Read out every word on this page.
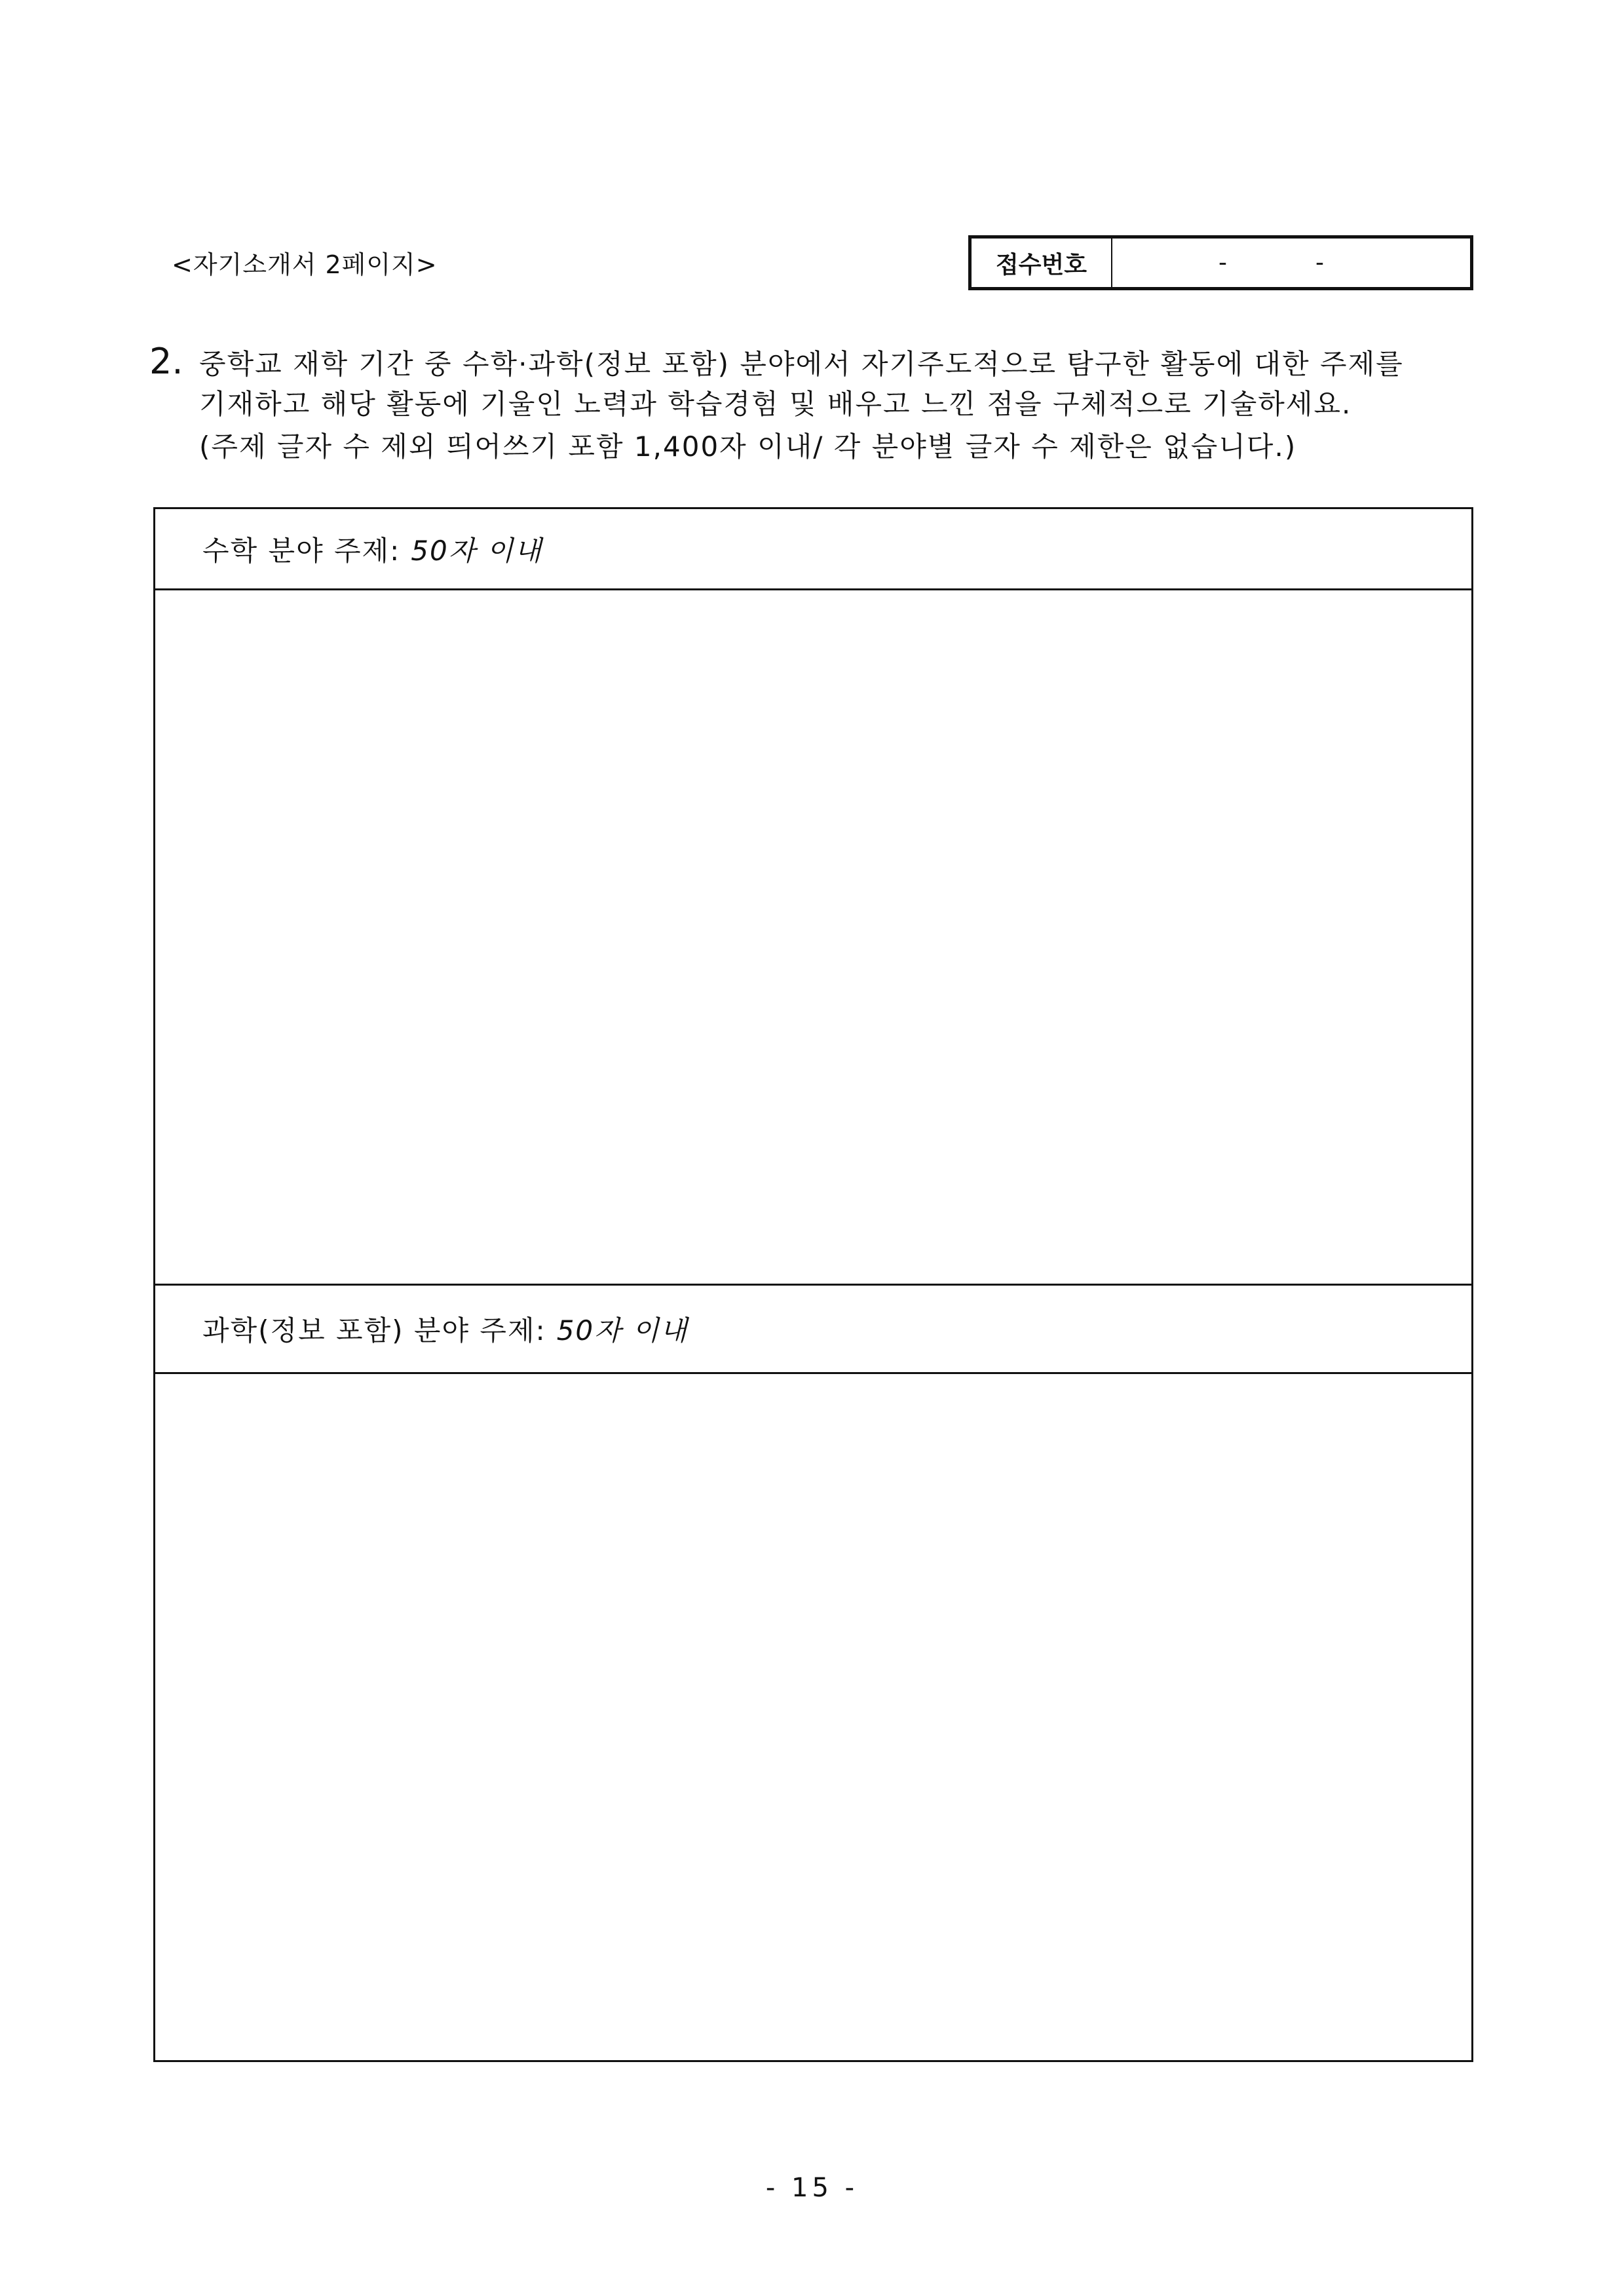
<자기소개서 2페이지>	접수번호	-	-
2. 중학교 재학 기간 중 수학·과학(정보 포함) 분야에서 자기주도적으로 탐구한 활동에 대한 주제를
기재하고 해당 활동에 기울인 노력과 학습경험 및 배우고 느낀 점을 구체적으로 기술하세요.
(주제 글자 수 제외 띄어쓰기 포함 1,400자 이내/ 각 분야별 글자 수 제한은 없습니다.)
수학 분야 주제: 50자 이내
과학(정보 포함) 분야 주제: 50자 이내
- 15 -
